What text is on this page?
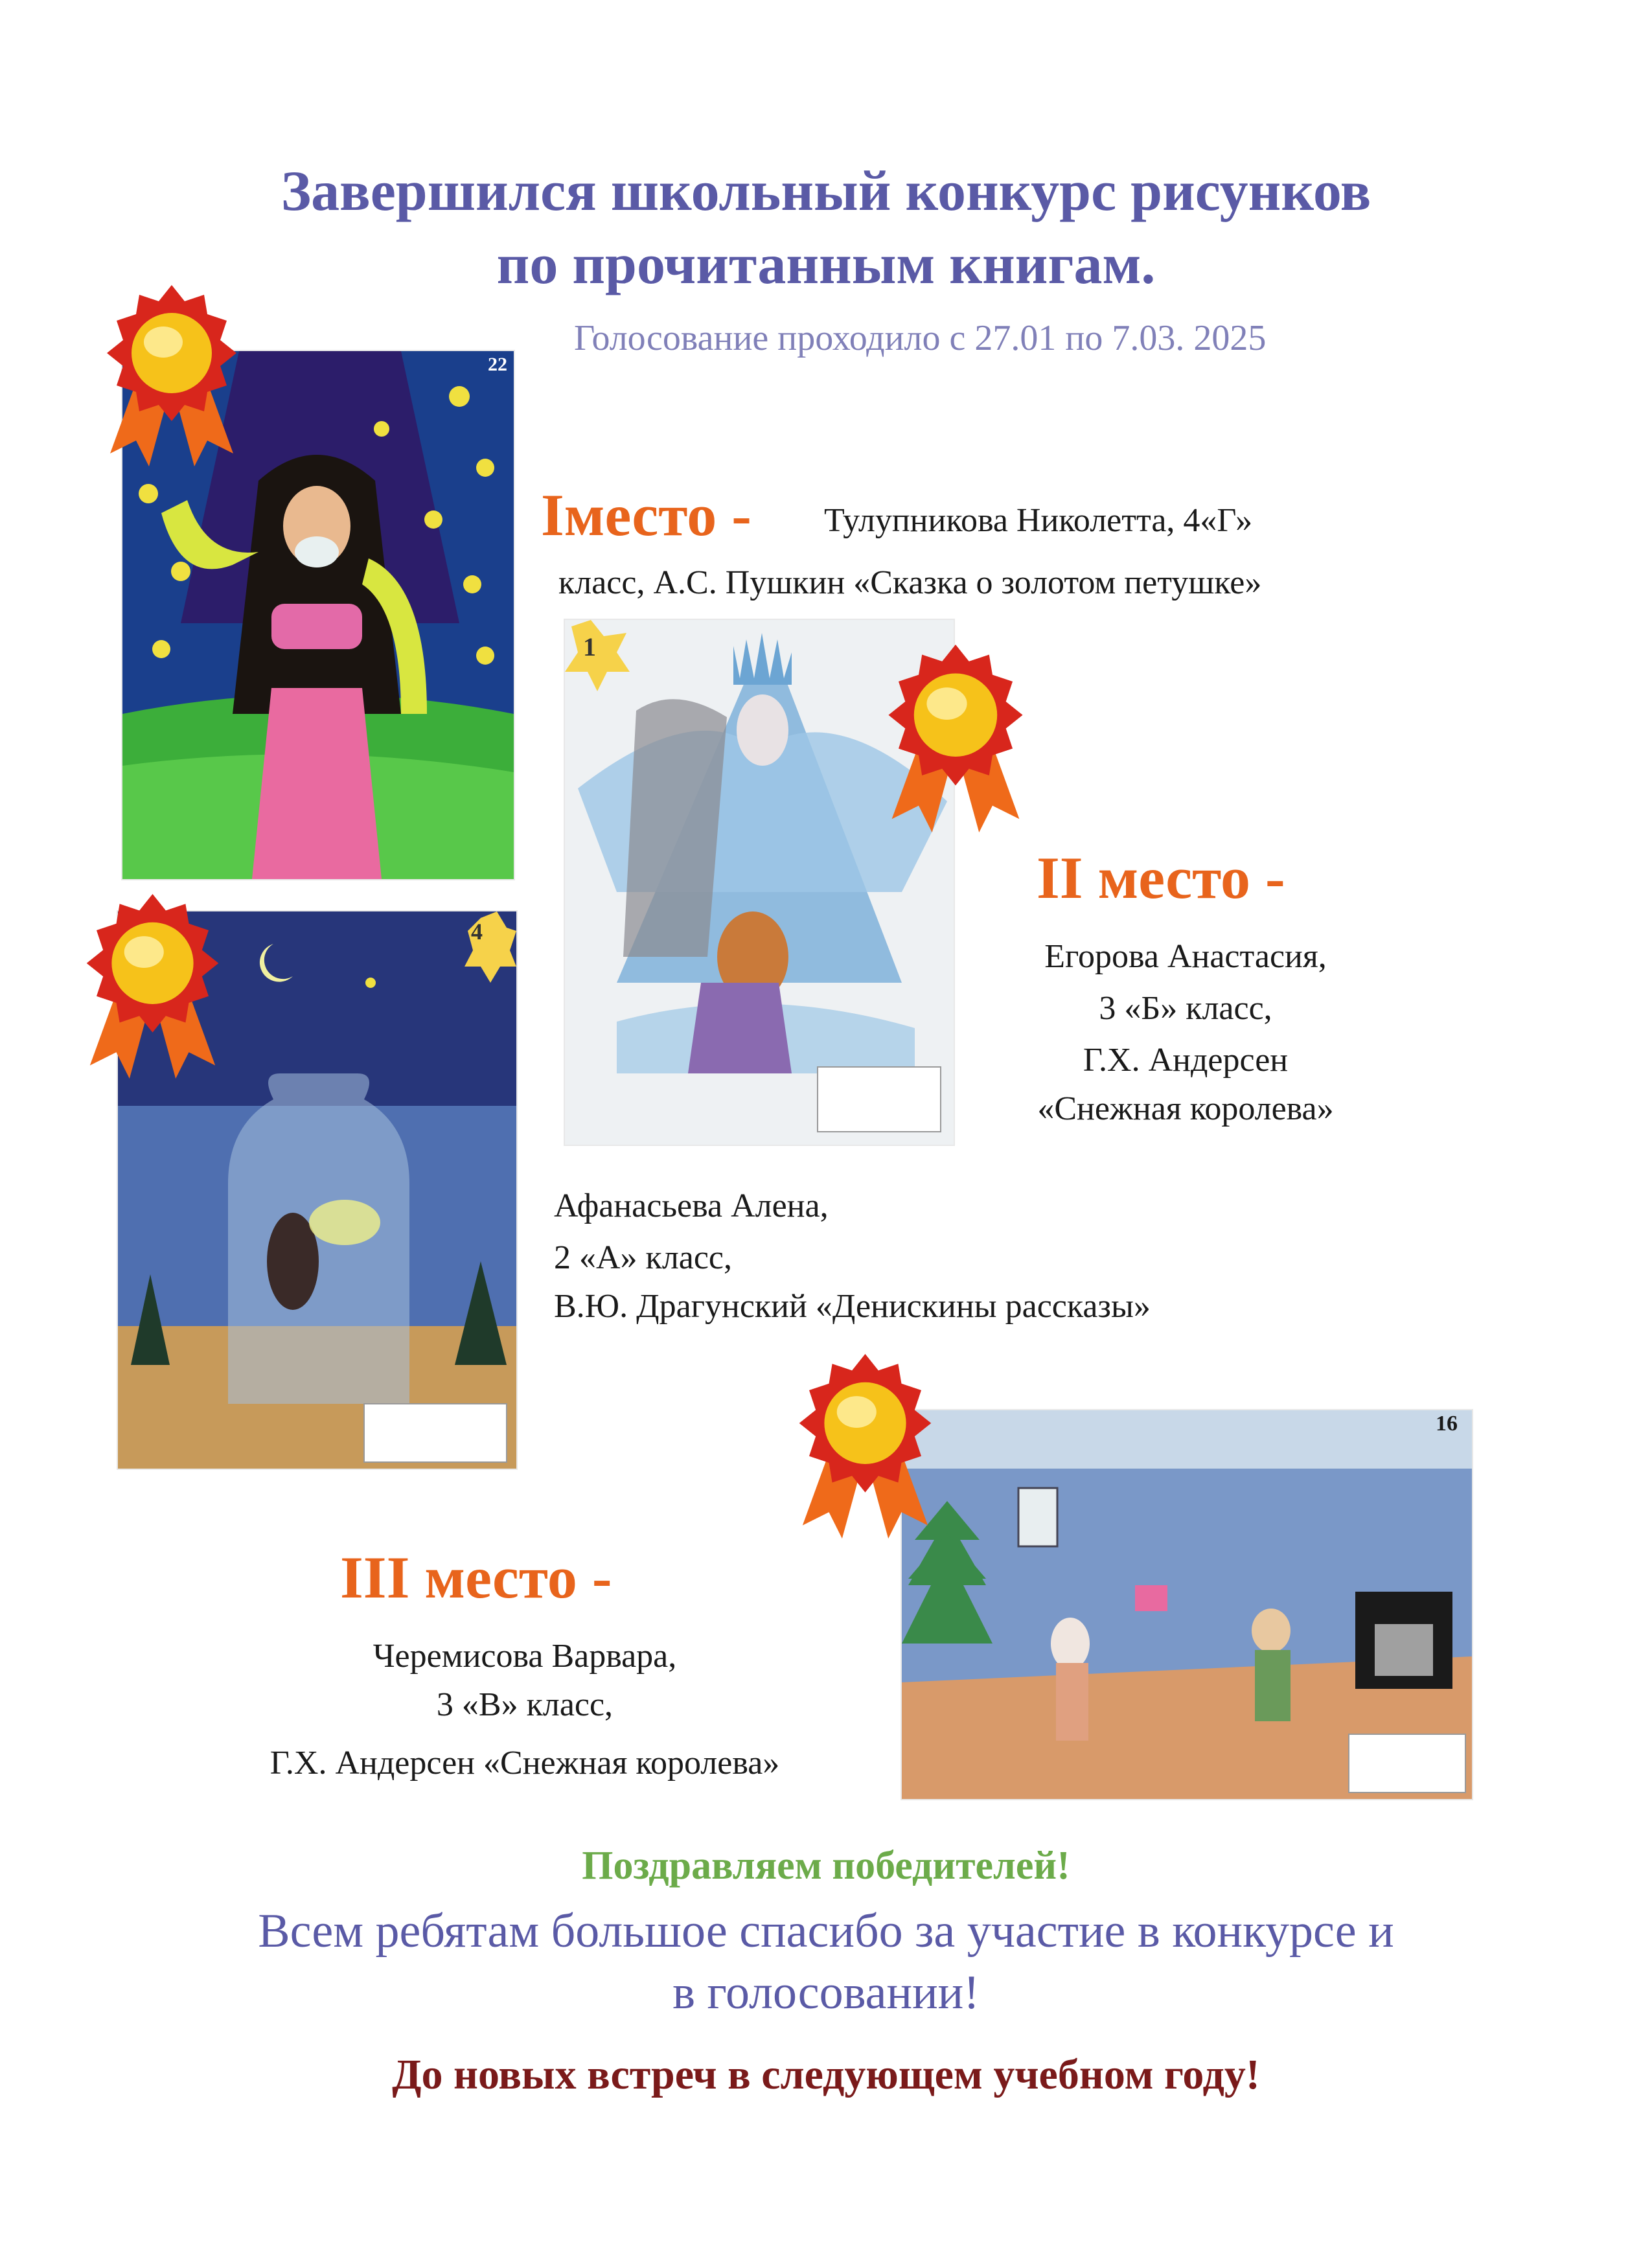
Завершился школьный конкурс рисунков
по прочитанным книгам.
Голосование проходило с 27.01 по 7.03. 2025
22
Iместо - Тулупникова Николетта, 4«Г»
класс, А.С. Пушкин «Сказка о золотом петушке»
1
II место -
Егорова Анастасия,
3 «Б» класс,
Г.Х. Андерсен
«Снежная королева»
4
Афанасьева Алена,
2 «А» класс,
В.Ю. Драгунский «Денискины рассказы»
16
III место -
Черемисова Варвара,
3 «В» класс,
Г.Х. Андерсен «Снежная королева»
Поздравляем победителей!
Всем ребятам большое спасибо за участие в конкурсе и
в голосовании!
До новых встреч в следующем учебном году!
